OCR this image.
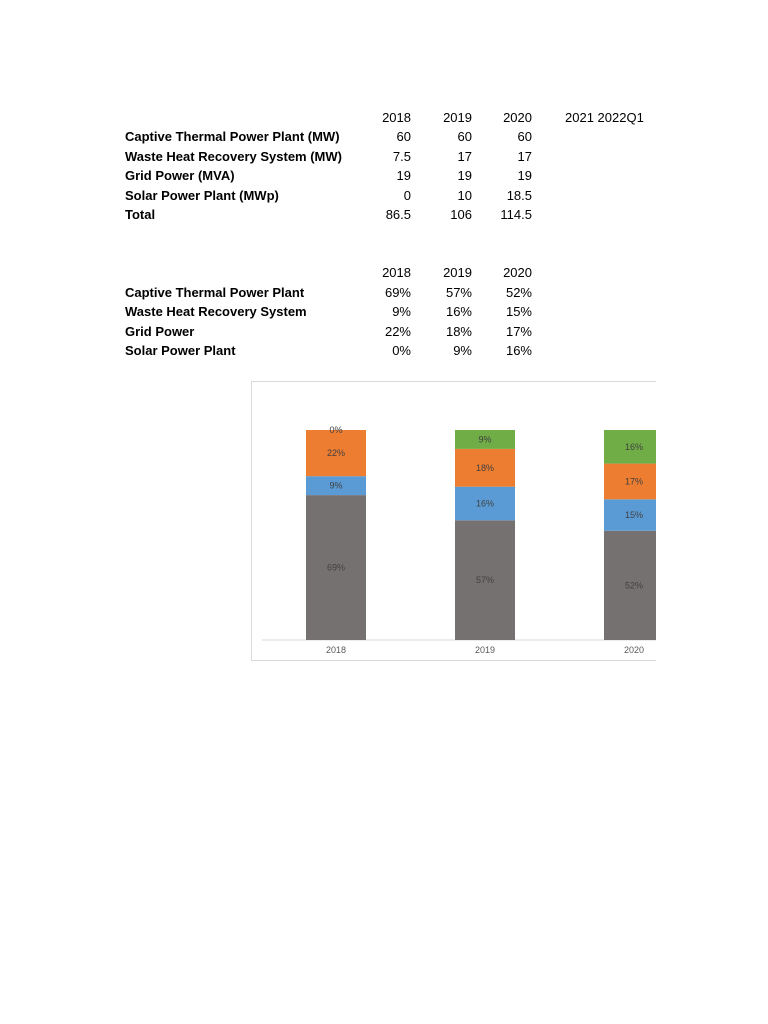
2018	2019	2020	2021 2022Q1
Captive Thermal Power Plant (MW)	60	60	60
Waste Heat Recovery System (MW)	7.5	17	17
Grid Power (MVA)	19	19	19
Solar Power Plant (MWp)	0	10	18.5
Total	86.5	106	114.5
2018	2019	2020
Captive Thermal Power Plant	69%	57%	52%
Waste Heat Recovery System	9%	16%	15%
Grid Power	22%	18%	17%
Solar Power Plant	0%	9%	16%
69%
9%
22%
0%
2018
57%
16%
18%
9%
2019
52%
15%
17%
16%
2020
